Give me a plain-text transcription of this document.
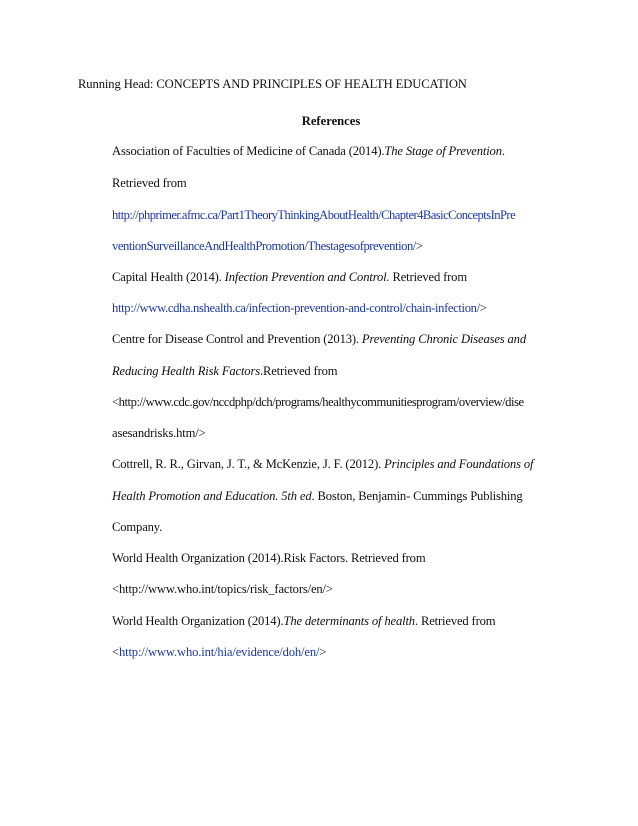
Running Head: CONCEPTS AND PRINCIPLES OF HEALTH EDUCATION
References
Association of Faculties of Medicine of Canada (2014).The Stage of Prevention.
Retrieved from
http://phprimer.afmc.ca/Part1TheoryThinkingAboutHealth/Chapter4BasicConceptsInPre
ventionSurveillanceAndHealthPromotion/Thestagesofprevention/>
Capital Health (2014). Infection Prevention and Control. Retrieved from
http://www.cdha.nshealth.ca/infection-prevention-and-control/chain-infection/>
Centre for Disease Control and Prevention (2013). Preventing Chronic Diseases and
Reducing Health Risk Factors.Retrieved from
<http://www.cdc.gov/nccdphp/dch/programs/healthycommunitiesprogram/overview/dise
asesandrisks.htm/>
Cottrell, R. R., Girvan, J. T., & McKenzie, J. F. (2012). Principles and Foundations of
Health Promotion and Education. 5th ed. Boston, Benjamin- Cummings Publishing
Company.
World Health Organization (2014).Risk Factors. Retrieved from
<http://www.who.int/topics/risk_factors/en/>
World Health Organization (2014).The determinants of health. Retrieved from
<http://www.who.int/hia/evidence/doh/en/>
